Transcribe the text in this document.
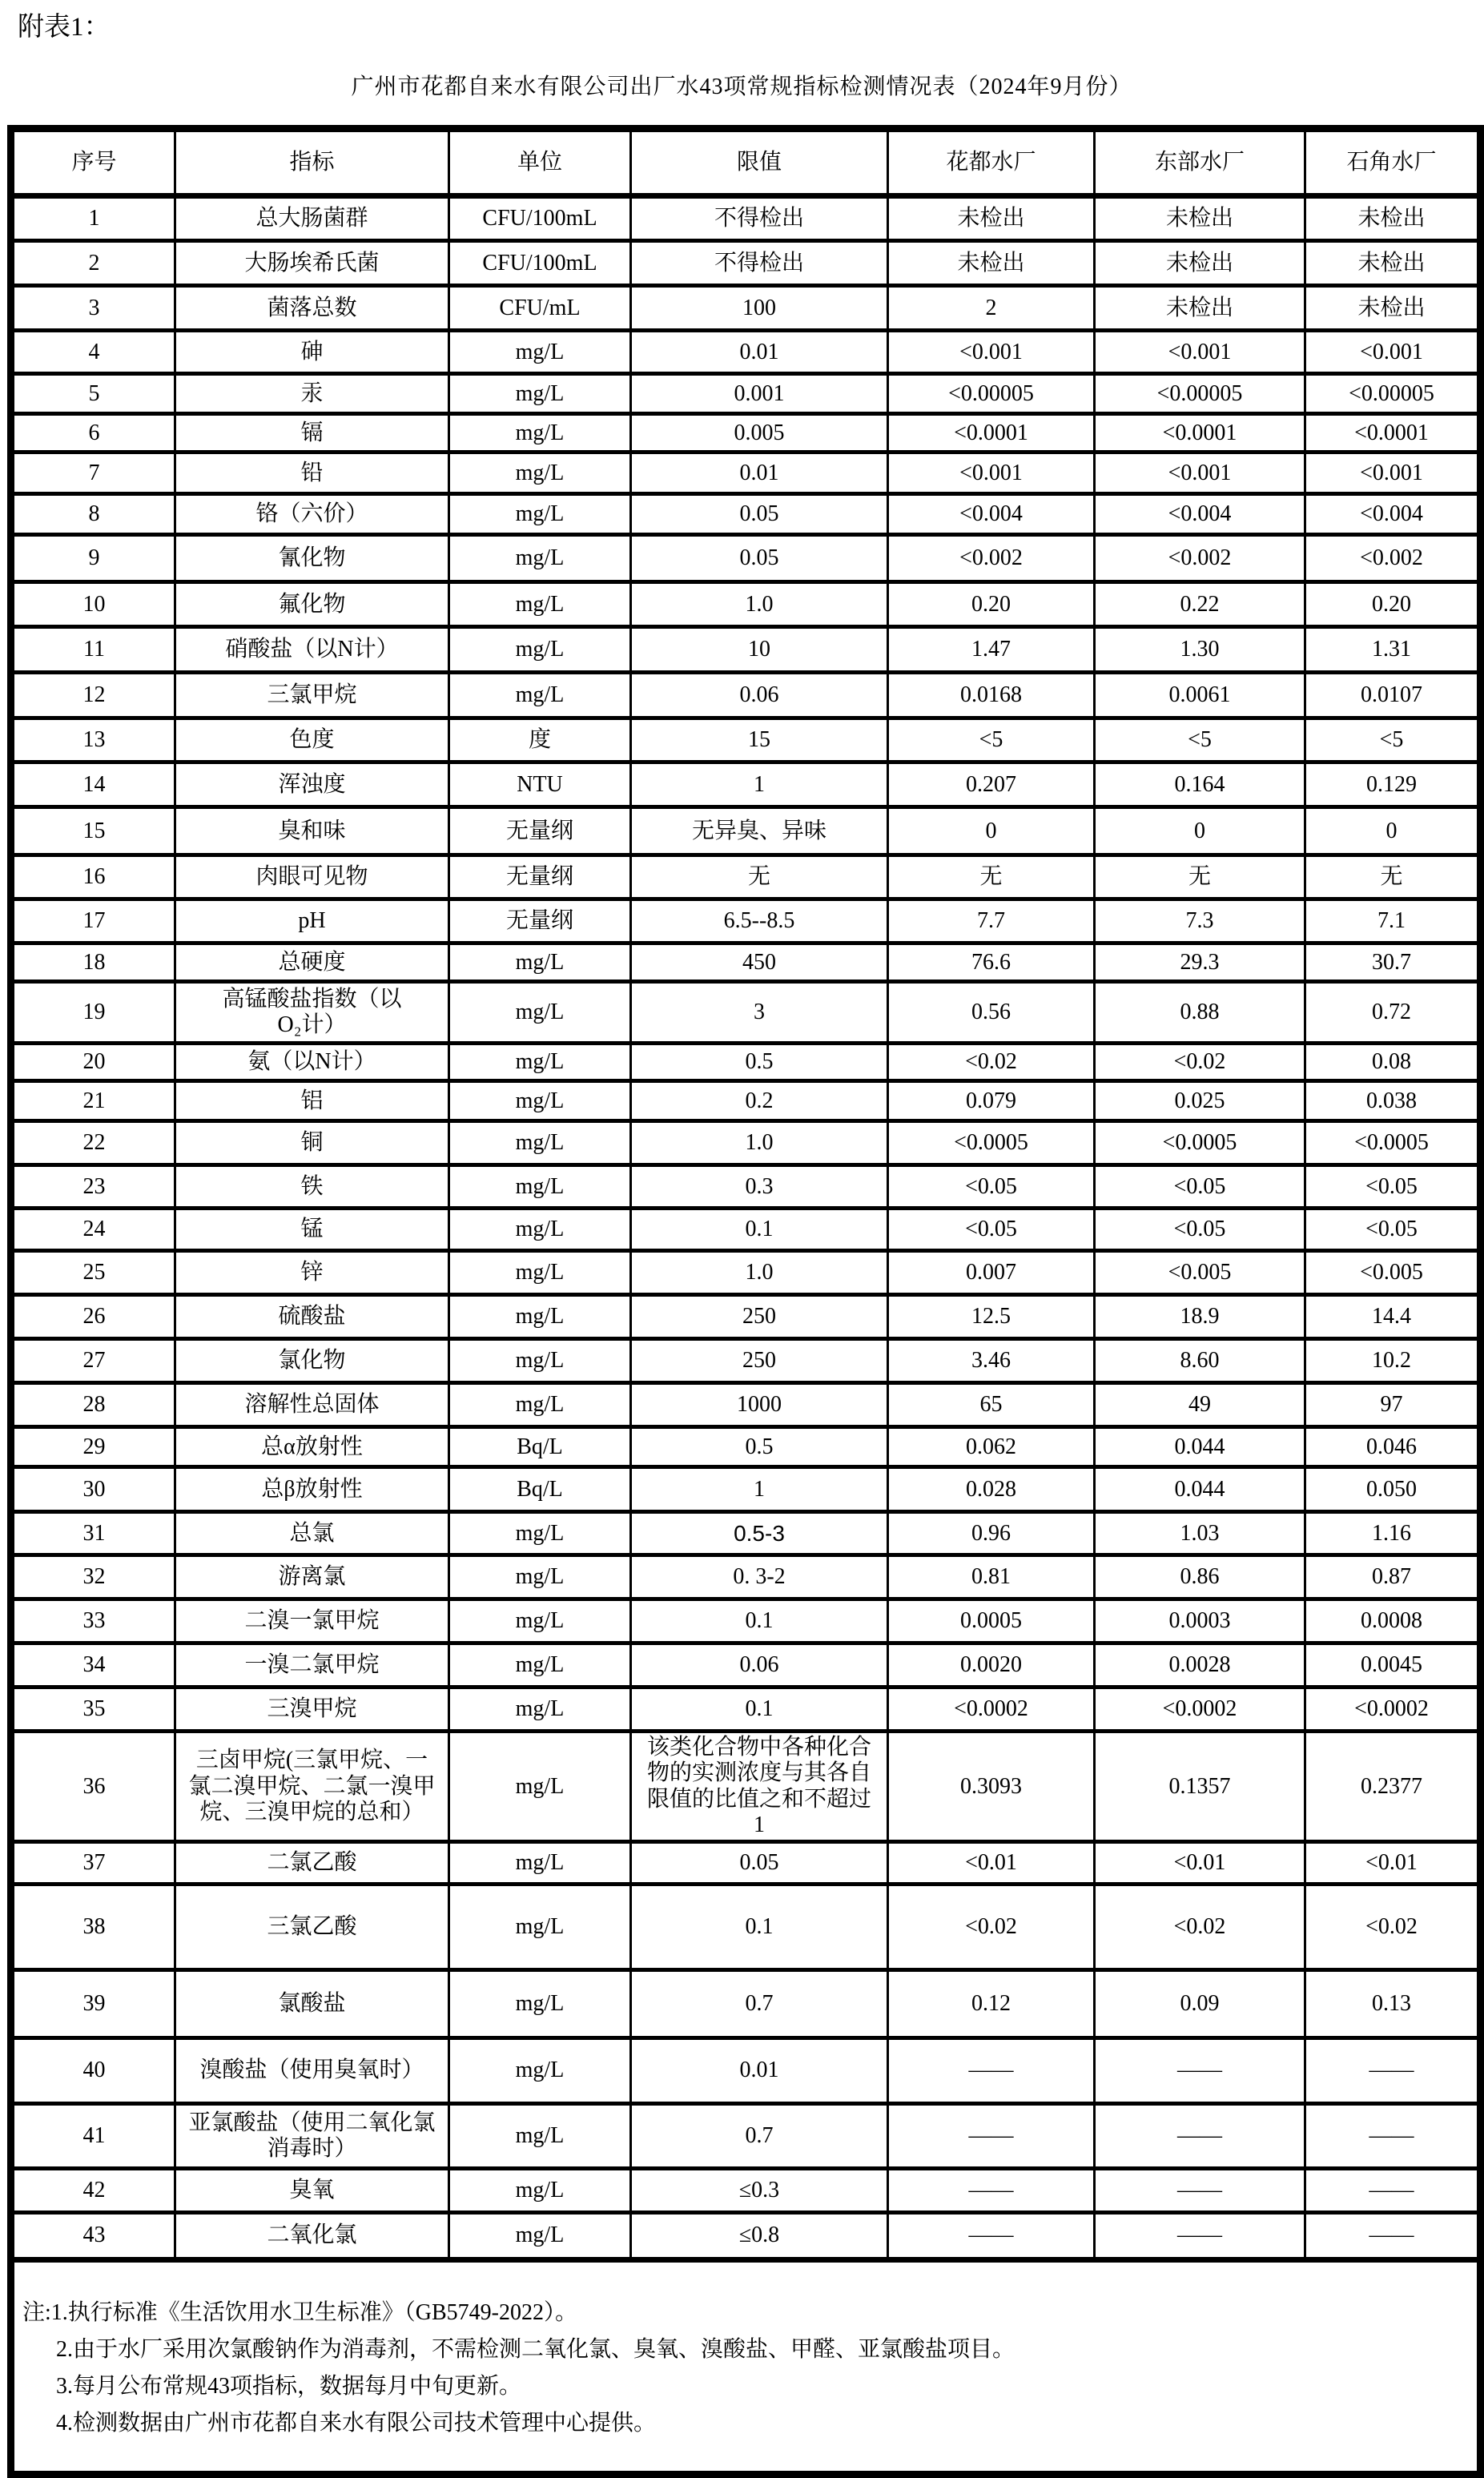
附表1：
广州市花都自来水有限公司出厂水43项常规指标检测情况表（2024年9月份）
序号	指标	单位	限值	花都水厂	东部水厂	石角水厂
1	总大肠菌群	CFU/100mL	不得检出	未检出	未检出	未检出
2	大肠埃希氏菌	CFU/100mL	不得检出	未检出	未检出	未检出
3	菌落总数	CFU/mL	100	2	未检出	未检出
4	砷	mg/L	0.01	<0.001	<0.001	<0.001
5	汞	mg/L	0.001	<0.00005	<0.00005	<0.00005
6	镉	mg/L	0.005	<0.0001	<0.0001	<0.0001
7	铅	mg/L	0.01	<0.001	<0.001	<0.001
8	铬（六价）	mg/L	0.05	<0.004	<0.004	<0.004
9	氰化物	mg/L	0.05	<0.002	<0.002	<0.002
10	氟化物	mg/L	1.0	0.20	0.22	0.20
11	硝酸盐（以N计）	mg/L	10	1.47	1.30	1.31
12	三氯甲烷	mg/L	0.06	0.0168	0.0061	0.0107
13	色度	度	15	<5	<5	<5
14	浑浊度	NTU	1	0.207	0.164	0.129
15	臭和味	无量纲	无异臭、异味	0	0	0
16	肉眼可见物	无量纲	无	无	无	无
17	pH	无量纲	6.5--8.5	7.7	7.3	7.1
18	总硬度	mg/L	450	76.6	29.3	30.7
19	高锰酸盐指数（以
O₂计）	mg/L	3	0.56	0.88	0.72
20	氨（以N计）	mg/L	0.5	<0.02	<0.02	0.08
21	铝	mg/L	0.2	0.079	0.025	0.038
22	铜	mg/L	1.0	<0.0005	<0.0005	<0.0005
23	铁	mg/L	0.3	<0.05	<0.05	<0.05
24	锰	mg/L	0.1	<0.05	<0.05	<0.05
25	锌	mg/L	1.0	0.007	<0.005	<0.005
26	硫酸盐	mg/L	250	12.5	18.9	14.4
27	氯化物	mg/L	250	3.46	8.60	10.2
28	溶解性总固体	mg/L	1000	65	49	97
29	总α放射性	Bq/L	0.5	0.062	0.044	0.046
30	总β放射性	Bq/L	1	0.028	0.044	0.050
31	总氯	mg/L	0.5-3	0.96	1.03	1.16
32	游离氯	mg/L	0. 3-2	0.81	0.86	0.87
33	二溴一氯甲烷	mg/L	0.1	0.0005	0.0003	0.0008
34	一溴二氯甲烷	mg/L	0.06	0.0020	0.0028	0.0045
35	三溴甲烷	mg/L	0.1	<0.0002	<0.0002	<0.0002
36	三卤甲烷(三氯甲烷、一
氯二溴甲烷、二氯一溴甲
烷、三溴甲烷的总和）	mg/L	该类化合物中各种化合
物的实测浓度与其各自
限值的比值之和不超过
1	0.3093	0.1357	0.2377
37	二氯乙酸	mg/L	0.05	<0.01	<0.01	<0.01
38	三氯乙酸	mg/L	0.1	<0.02	<0.02	<0.02
39	氯酸盐	mg/L	0.7	0.12	0.09	0.13
40	溴酸盐（使用臭氧时）	mg/L	0.01	——	——	——
41	亚氯酸盐（使用二氧化氯
消毒时）	mg/L	0.7	——	——	——
42	臭氧	mg/L	≤0.3	——	——	——
43	二氧化氯	mg/L	≤0.8	——	——	——

注:1.执行标准《生活饮用水卫生标准》（GB5749-2022）。
2.由于水厂采用次氯酸钠作为消毒剂，不需检测二氧化氯、臭氧、溴酸盐、甲醛、亚氯酸盐项目。
3.每月公布常规43项指标，数据每月中旬更新。
4.检测数据由广州市花都自来水有限公司技术管理中心提供。						
